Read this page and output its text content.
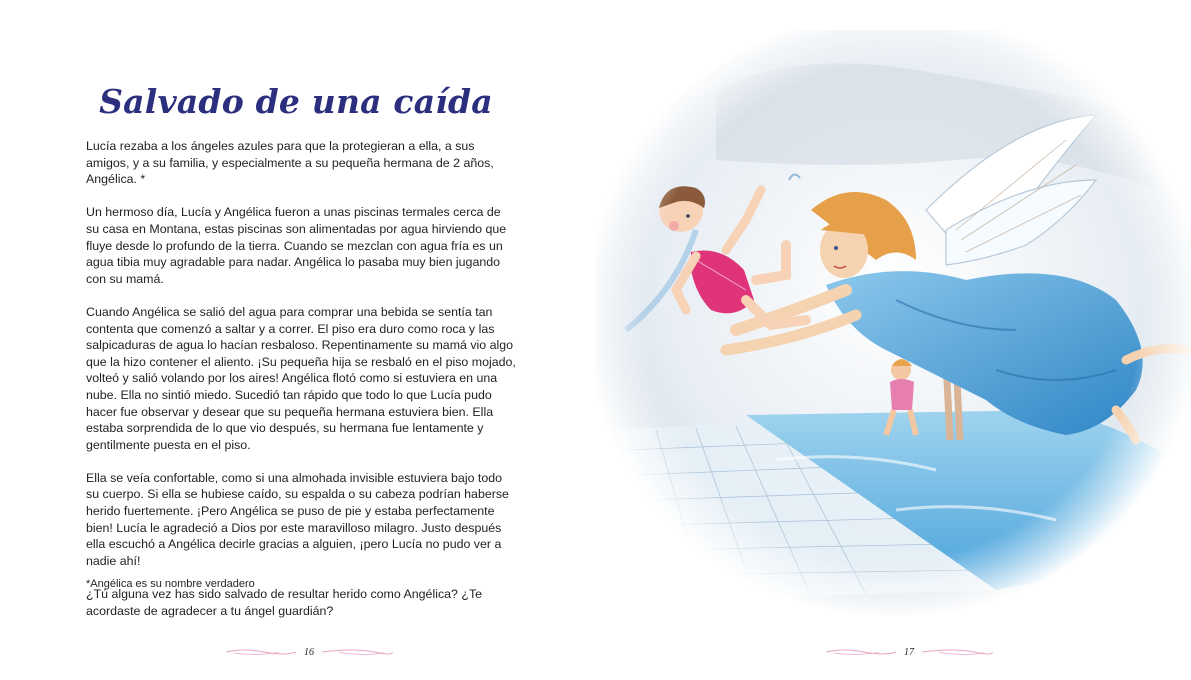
Salvado de una caída

Lucía rezaba a los ángeles azules para que la protegieran a ella, a sus amigos, y a su familia, y especialmente a su pequeña hermana de 2 años, Angélica. *

Un hermoso día, Lucía y Angélica fueron a unas piscinas termales cerca de su casa en Montana, estas piscinas son alimentadas por agua hirviendo que fluye desde lo profundo de la tierra. Cuando se mezclan con agua fría es un agua tibia muy agradable para nadar. Angélica lo pasaba muy bien jugando con su mamá.

Cuando Angélica se salió del agua para comprar una bebida se sentía tan contenta que comenzó a saltar y a correr. El piso era duro como roca y las salpicaduras de agua lo hacían resbaloso. Repentinamente su mamá vio algo que la hizo contener el aliento. ¡Su pequeña hija se resbaló en el piso mojado, volteó y salió volando por los aires! Angélica flotó como si estuviera en una nube. Ella no sintió miedo. Sucedió tan rápido que todo lo que Lucía pudo hacer fue observar y desear que su pequeña hermana estuviera bien. Ella estaba sorprendida de lo que vio después, su hermana fue lentamente y gentilmente puesta en el piso.

Ella se veía confortable, como si una almohada invisible estuviera bajo todo su cuerpo. Si ella se hubiese caído, su espalda o su cabeza podrían haberse herido fuertemente. ¡Pero Angélica se puso de pie y estaba perfectamente bien! Lucía le agradeció a Dios por este maravilloso milagro. Justo después ella escuchó a Angélica decirle gracias a alguien, ¡pero Lucía no pudo ver a nadie ahí!

¿Tú alguna vez has sido salvado de resultar herido como Angélica? ¿Te acordaste de agradecer a tu ángel guardián?

*Angélica es su nombre verdadero
16	17
